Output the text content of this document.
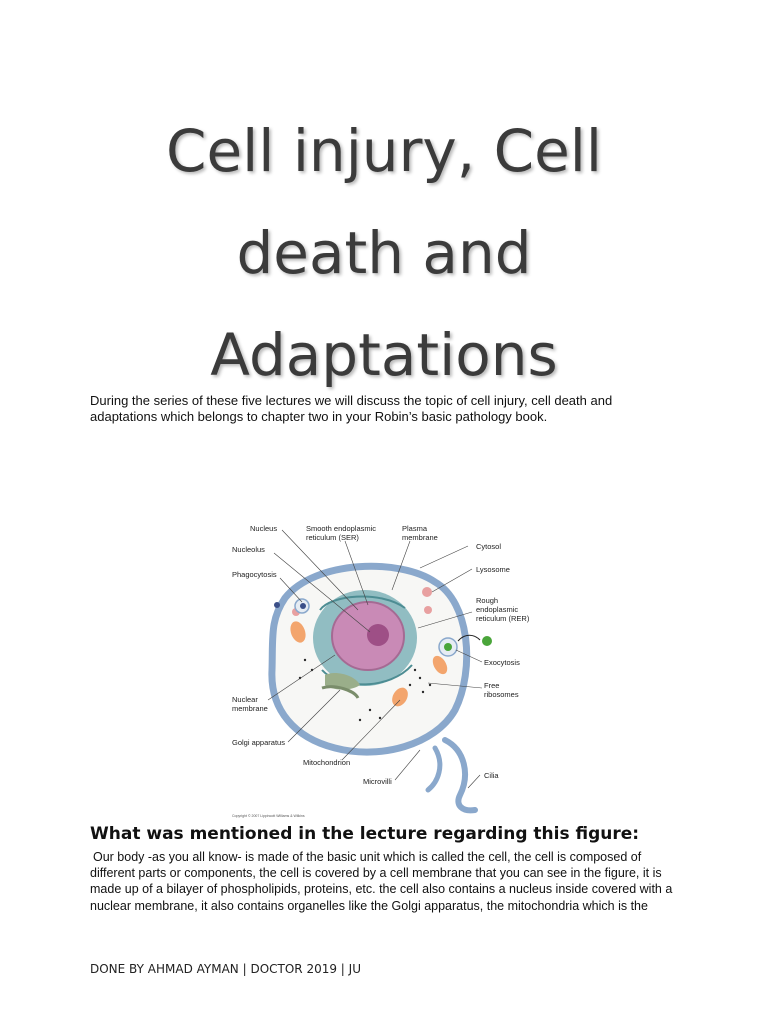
Cell injury, Cell
death and
Adaptations

During the series of these five lectures we will discuss the topic of cell injury, cell death and adaptations which belongs to chapter two in your Robin’s basic pathology book.

Nucleus	Smooth endoplasmic
reticulum (SER)
Plasma
membrane
Nucleolus	Cytosol
Phagocytosis
Lysosome
Rough
endoplasmic
reticulum (RER)
Exocytosis
Free
ribosomes
Nuclear
membrane
Golgi apparatus
Mitochondrion
Microvilli
Cilia
Copyright © 2007 Lippincott Williams & Wilkins
What was mentioned in the lecture regarding this figure:

Our body -as you all know- is made of the basic unit which is called the cell, the cell is composed of different parts or components, the cell is covered by a cell membrane that you can see in the figure, it is made up of a bilayer of phospholipids, proteins, etc. the cell also contains a nucleus inside covered with a nuclear membrane, it also contains organelles like the Golgi apparatus, the mitochondria which is the

DONE BY AHMAD AYMAN | DOCTOR 2019 | JU
